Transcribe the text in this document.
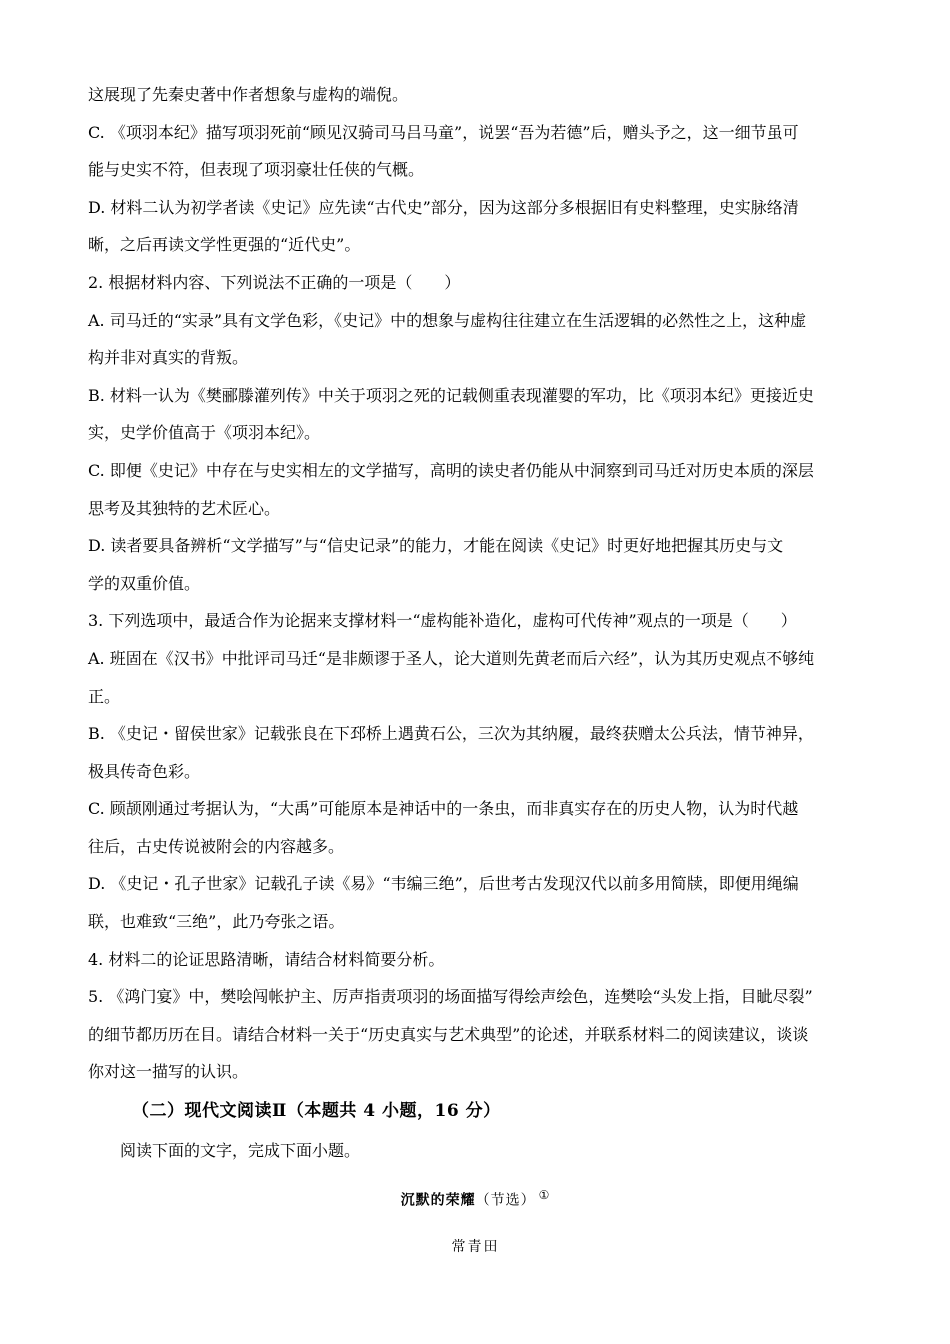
这展现了先秦史著中作者想象与虚构的端倪。
C. 《项羽本纪》描写项羽死前“顾见汉骑司马吕马童”，说罢“吾为若德”后，赠头予之，这一细节虽可
能与史实不符，但表现了项羽豪壮任侠的气概。
D. 材料二认为初学者读《史记》应先读“古代史”部分，因为这部分多根据旧有史料整理，史实脉络清
晰，之后再读文学性更强的“近代史”。
2. 根据材料内容、下列说法不正确的一项是（　　）
A. 司马迁的“实录”具有文学色彩，《史记》中的想象与虚构往往建立在生活逻辑的必然性之上，这种虚
构并非对真实的背叛。
B. 材料一认为《樊郦滕灌列传》中关于项羽之死的记载侧重表现灌婴的军功，比《项羽本纪》更接近史
实，史学价值高于《项羽本纪》。
C. 即便《史记》中存在与史实相左的文学描写，高明的读史者仍能从中洞察到司马迁对历史本质的深层
思考及其独特的艺术匠心。
D. 读者要具备辨析“文学描写”与“信史记录”的能力，才能在阅读《史记》时更好地把握其历史与文
学的双重价值。
3. 下列选项中，最适合作为论据来支撑材料一“虚构能补造化，虚构可代传神”观点的一项是（　　）
A. 班固在《汉书》中批评司马迁“是非颇谬于圣人，论大道则先黄老而后六经”，认为其历史观点不够纯
正。
B. 《史记・留侯世家》记载张良在下邳桥上遇黄石公，三次为其纳履，最终获赠太公兵法，情节神异，
极具传奇色彩。
C. 顾颉刚通过考据认为，“大禹”可能原本是神话中的一条虫，而非真实存在的历史人物，认为时代越
往后，古史传说被附会的内容越多。
D. 《史记・孔子世家》记载孔子读《易》“韦编三绝”，后世考古发现汉代以前多用简牍，即便用绳编
联，也难致“三绝”，此乃夸张之语。
4. 材料二的论证思路清晰，请结合材料简要分析。
5. 《鸿门宴》中，樊哙闯帐护主、厉声指责项羽的场面描写得绘声绘色，连樊哙“头发上指，目眦尽裂”
的细节都历历在目。请结合材料一关于“历史真实与艺术典型”的论述，并联系材料二的阅读建议，谈谈
你对这一描写的认识。
（二）现代文阅读Ⅱ（本题共 4 小题，16 分）
阅读下面的文字，完成下面小题。
沉默的荣耀（节选） ①
常青田
